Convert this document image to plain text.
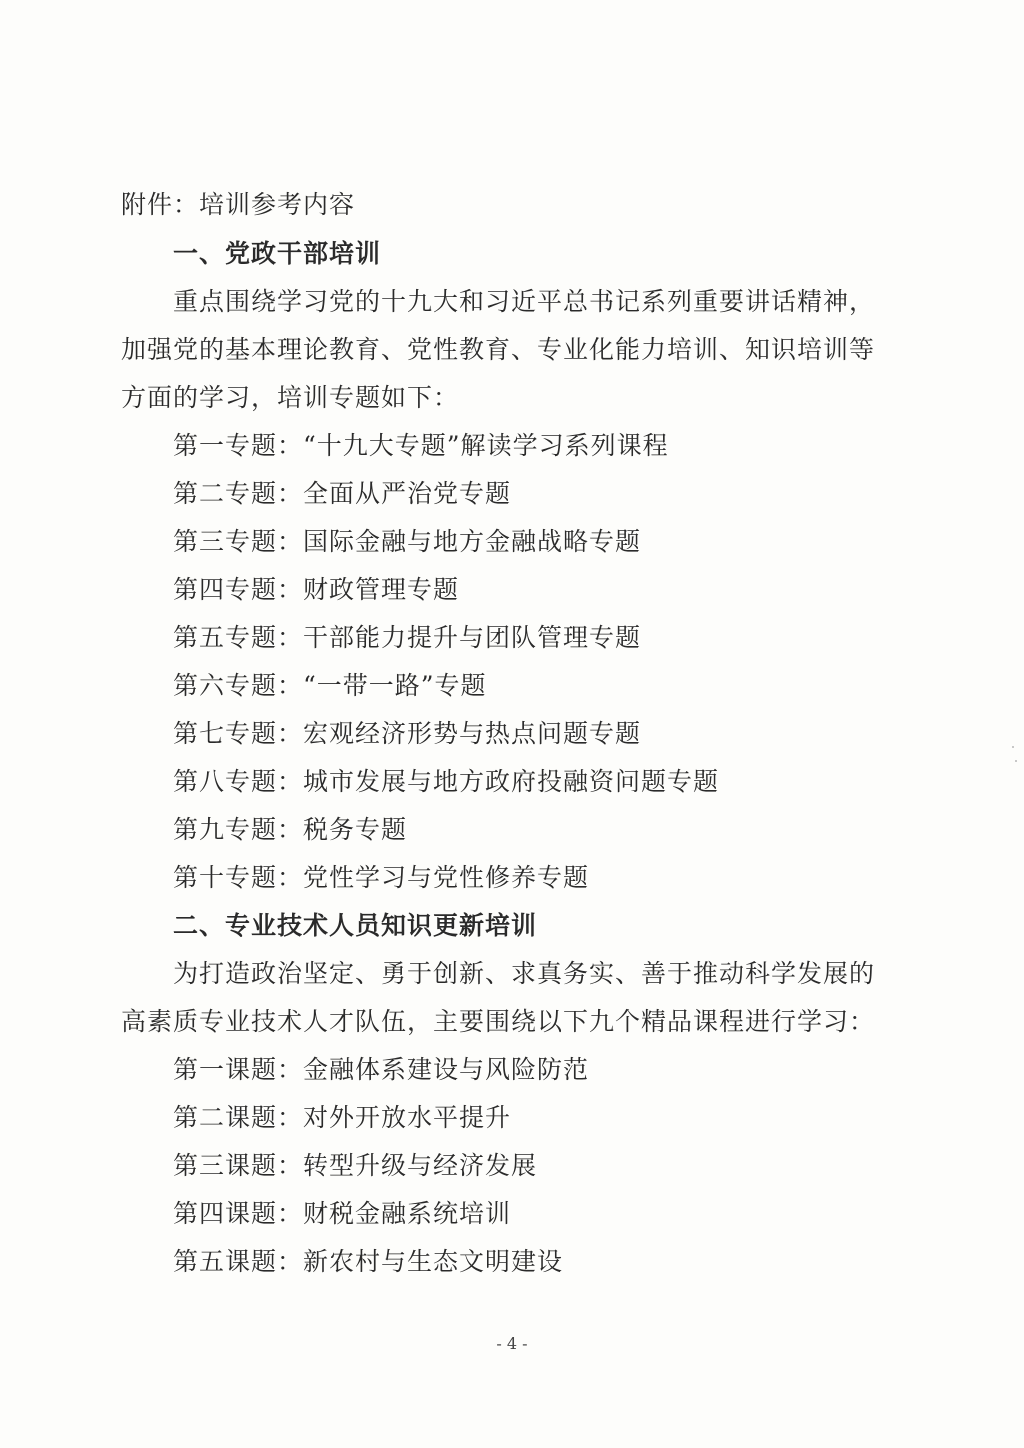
附件：培训参考内容
一、党政干部培训
重点围绕学习党的十九大和习近平总书记系列重要讲话精神，
加强党的基本理论教育、党性教育、专业化能力培训、知识培训等
方面的学习，培训专题如下：
第一专题：“十九大专题”解读学习系列课程
第二专题：全面从严治党专题
第三专题：国际金融与地方金融战略专题
第四专题：财政管理专题
第五专题：干部能力提升与团队管理专题
第六专题：“一带一路”专题
第七专题：宏观经济形势与热点问题专题
第八专题：城市发展与地方政府投融资问题专题
第九专题：税务专题
第十专题：党性学习与党性修养专题
二、专业技术人员知识更新培训
为打造政治坚定、勇于创新、求真务实、善于推动科学发展的
高素质专业技术人才队伍，主要围绕以下九个精品课程进行学习：
第一课题：金融体系建设与风险防范
第二课题：对外开放水平提升
第三课题：转型升级与经济发展
第四课题：财税金融系统培训
第五课题：新农村与生态文明建设
- 4 -
